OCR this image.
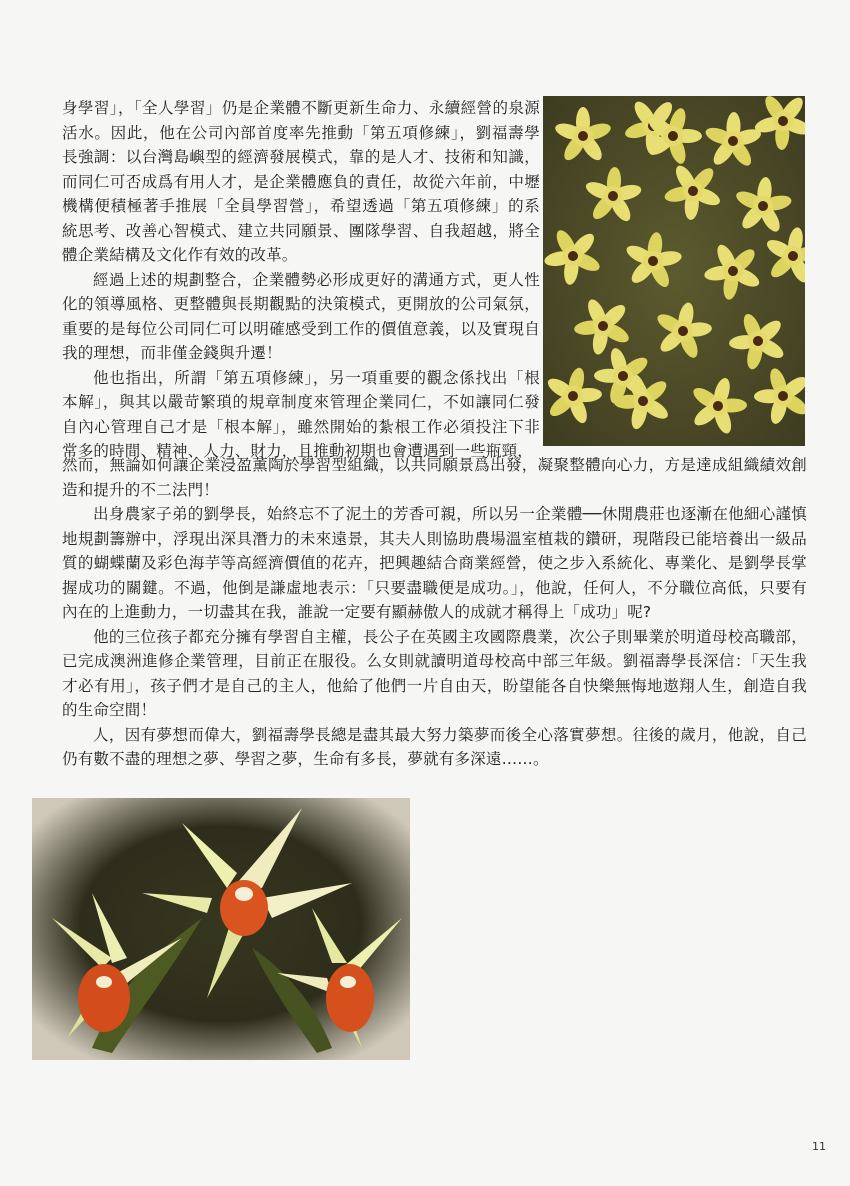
身學習」，「全人學習」仍是企業體不斷更新生命力、永續經營的泉源活水。因此，他在公司內部首度率先推動「第五項修練」，劉福壽學長強調：以台灣島嶼型的經濟發展模式，靠的是人才、技術和知識，而同仁可否成爲有用人才，是企業體應負的責任，故從六年前，中壢機構便積極著手推展「全員學習營」，希望透過「第五項修練」的系統思考、改善心智模式、建立共同願景、團隊學習、自我超越，將全體企業結構及文化作有效的改革。

經過上述的規劃整合，企業體勢必形成更好的溝通方式，更人性化的領導風格、更整體與長期觀點的決策模式，更開放的公司氣氛，重要的是每位公司同仁可以明確感受到工作的價值意義，以及實現自我的理想，而非僅金錢與升遷！

他也指出，所謂「第五項修練」，另一項重要的觀念係找出「根本解」，與其以嚴苛繁瑣的規章制度來管理企業同仁，不如讓同仁發自內心管理自己才是「根本解」，雖然開始的紮根工作必須投注下非常多的時間、精神、人力、財力，且推動初期也會遭遇到一些瓶頸，

然而，無論如何讓企業浸盈薰陶於學習型組織，以共同願景爲出發，凝聚整體向心力，方是達成組織績效創造和提升的不二法門！

出身農家子弟的劉學長，始終忘不了泥土的芳香可親，所以另一企業體──休閒農莊也逐漸在他細心謹慎地規劃籌辦中，浮現出深具潛力的未來遠景，其夫人則協助農場溫室植栽的鑽研，現階段已能培養出一級品質的蝴蝶蘭及彩色海芋等高經濟價值的花卉，把興趣結合商業經營，使之步入系統化、專業化、是劉學長掌握成功的關鍵。不過，他倒是謙虛地表示：「只要盡職便是成功。」，他說，任何人，不分職位高低，只要有內在的上進動力，一切盡其在我，誰說一定要有顯赫傲人的成就才稱得上「成功」呢?

他的三位孩子都充分擁有學習自主權，長公子在英國主攻國際農業，次公子則畢業於明道母校高職部，已完成澳洲進修企業管理，目前正在服役。么女則就讀明道母校高中部三年級。劉福壽學長深信：「天生我才必有用」，孩子們才是自己的主人，他給了他們一片自由天，盼望能各自快樂無悔地遨翔人生，創造自我的生命空間！

人，因有夢想而偉大，劉福壽學長總是盡其最大努力築夢而後全心落實夢想。往後的歲月，他說，自己仍有數不盡的理想之夢、學習之夢，生命有多長，夢就有多深遠……。

11
